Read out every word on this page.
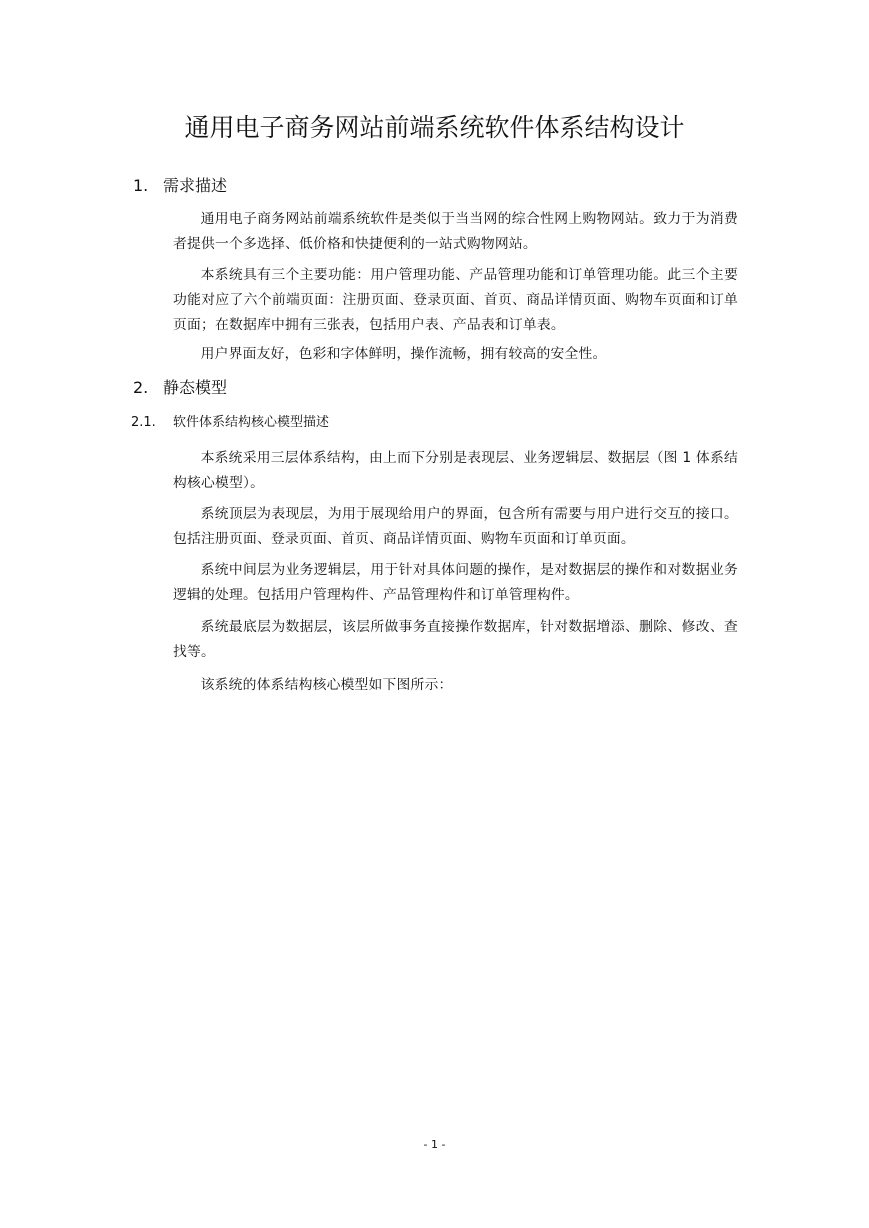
通用电子商务网站前端系统软件体系结构设计
1. 需求描述
通用电子商务网站前端系统软件是类似于当当网的综合性网上购物网站。致力于为消费者提供一个多选择、低价格和快捷便利的一站式购物网站。
本系统具有三个主要功能：用户管理功能、产品管理功能和订单管理功能。此三个主要功能对应了六个前端页面：注册页面、登录页面、首页、商品详情页面、购物车页面和订单页面；在数据库中拥有三张表，包括用户表、产品表和订单表。
用户界面友好，色彩和字体鲜明，操作流畅，拥有较高的安全性。
2. 静态模型
2.1. 软件体系结构核心模型描述
本系统采用三层体系结构，由上而下分别是表现层、业务逻辑层、数据层（图 1 体系结构核心模型）。
系统顶层为表现层，为用于展现给用户的界面，包含所有需要与用户进行交互的接口。包括注册页面、登录页面、首页、商品详情页面、购物车页面和订单页面。
系统中间层为业务逻辑层，用于针对具体问题的操作，是对数据层的操作和对数据业务逻辑的处理。包括用户管理构件、产品管理构件和订单管理构件。
系统最底层为数据层，该层所做事务直接操作数据库，针对数据增添、删除、修改、查找等。
该系统的体系结构核心模型如下图所示：
- 1 -
